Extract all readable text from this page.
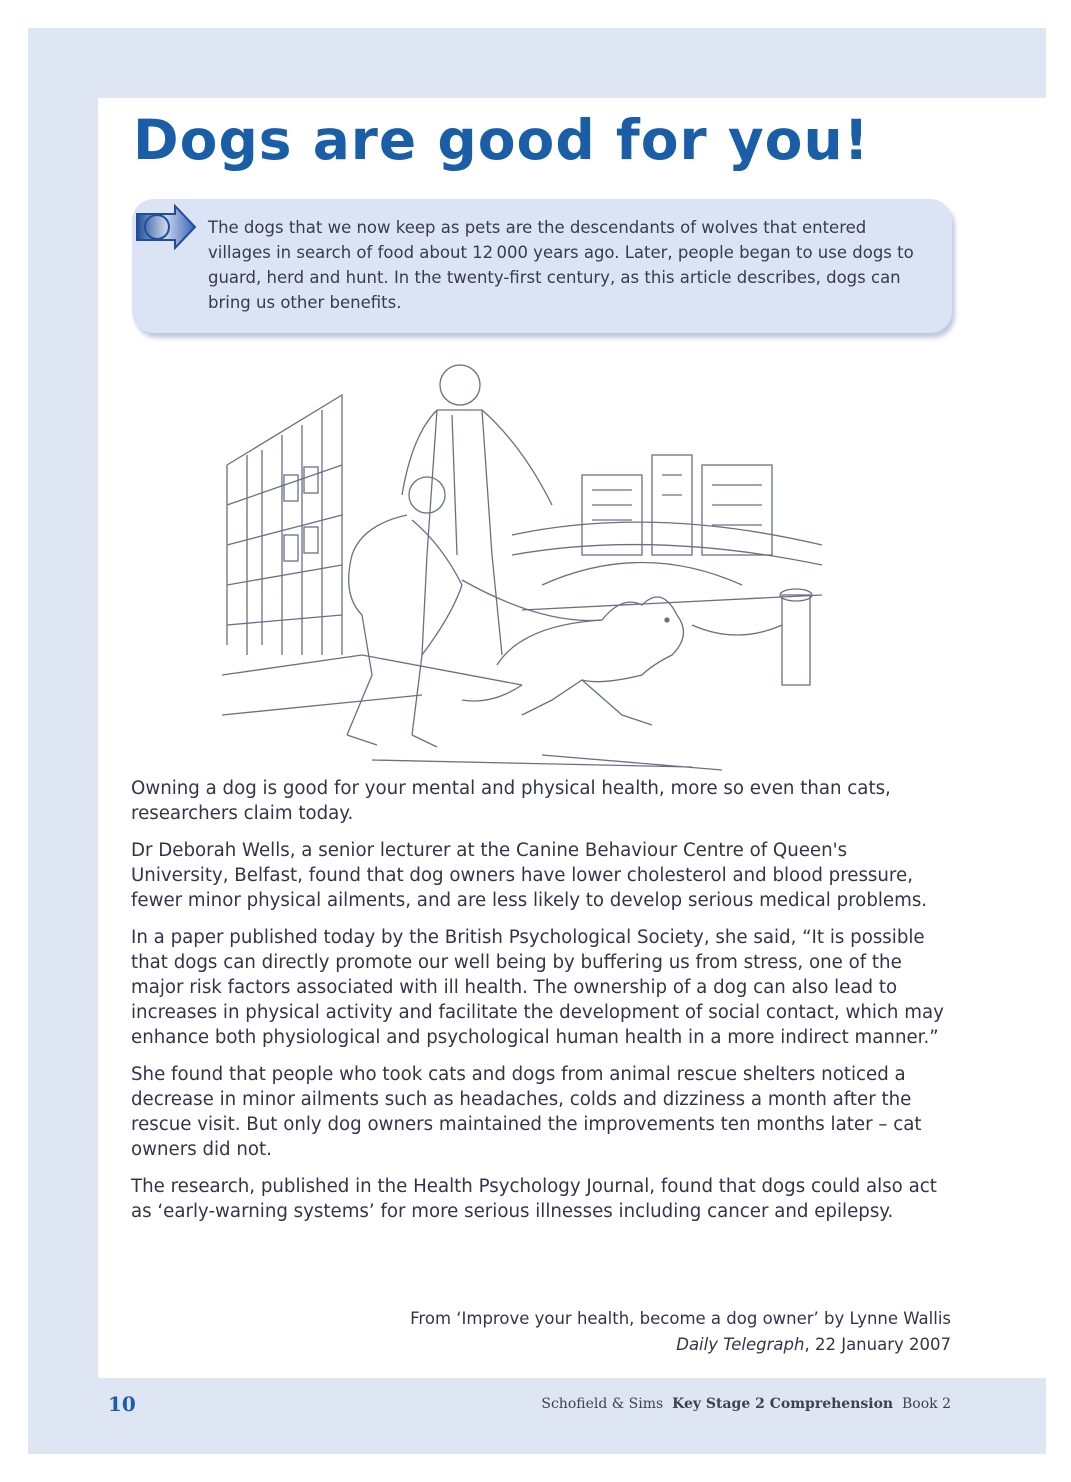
Dogs are good for you!

The dogs that we now keep as pets are the descendants of wolves that entered villages in search of food about 12 000 years ago. Later, people began to use dogs to guard, herd and hunt. In the twenty-first century, as this article describes, dogs can bring us other benefits.

Owning a dog is good for your mental and physical health, more so even than cats, researchers claim today.

Dr Deborah Wells, a senior lecturer at the Canine Behaviour Centre of Queen's University, Belfast, found that dog owners have lower cholesterol and blood pressure, fewer minor physical ailments, and are less likely to develop serious medical problems.

In a paper published today by the British Psychological Society, she said, “It is possible that dogs can directly promote our well being by buffering us from stress, one of the major risk factors associated with ill health. The ownership of a dog can also lead to increases in physical activity and facilitate the development of social contact, which may enhance both physiological and psychological human health in a more indirect manner.”

She found that people who took cats and dogs from animal rescue shelters noticed a decrease in minor ailments such as headaches, colds and dizziness a month after the rescue visit. But only dog owners maintained the improvements ten months later – cat owners did not.

The research, published in the Health Psychology Journal, found that dogs could also act as ‘early-warning systems’ for more serious illnesses including cancer and epilepsy.

From ‘Improve your health, become a dog owner’ by Lynne Wallis
Daily Telegraph, 22 January 2007
10	Schofield & Sims Key Stage 2 Comprehension Book 2
